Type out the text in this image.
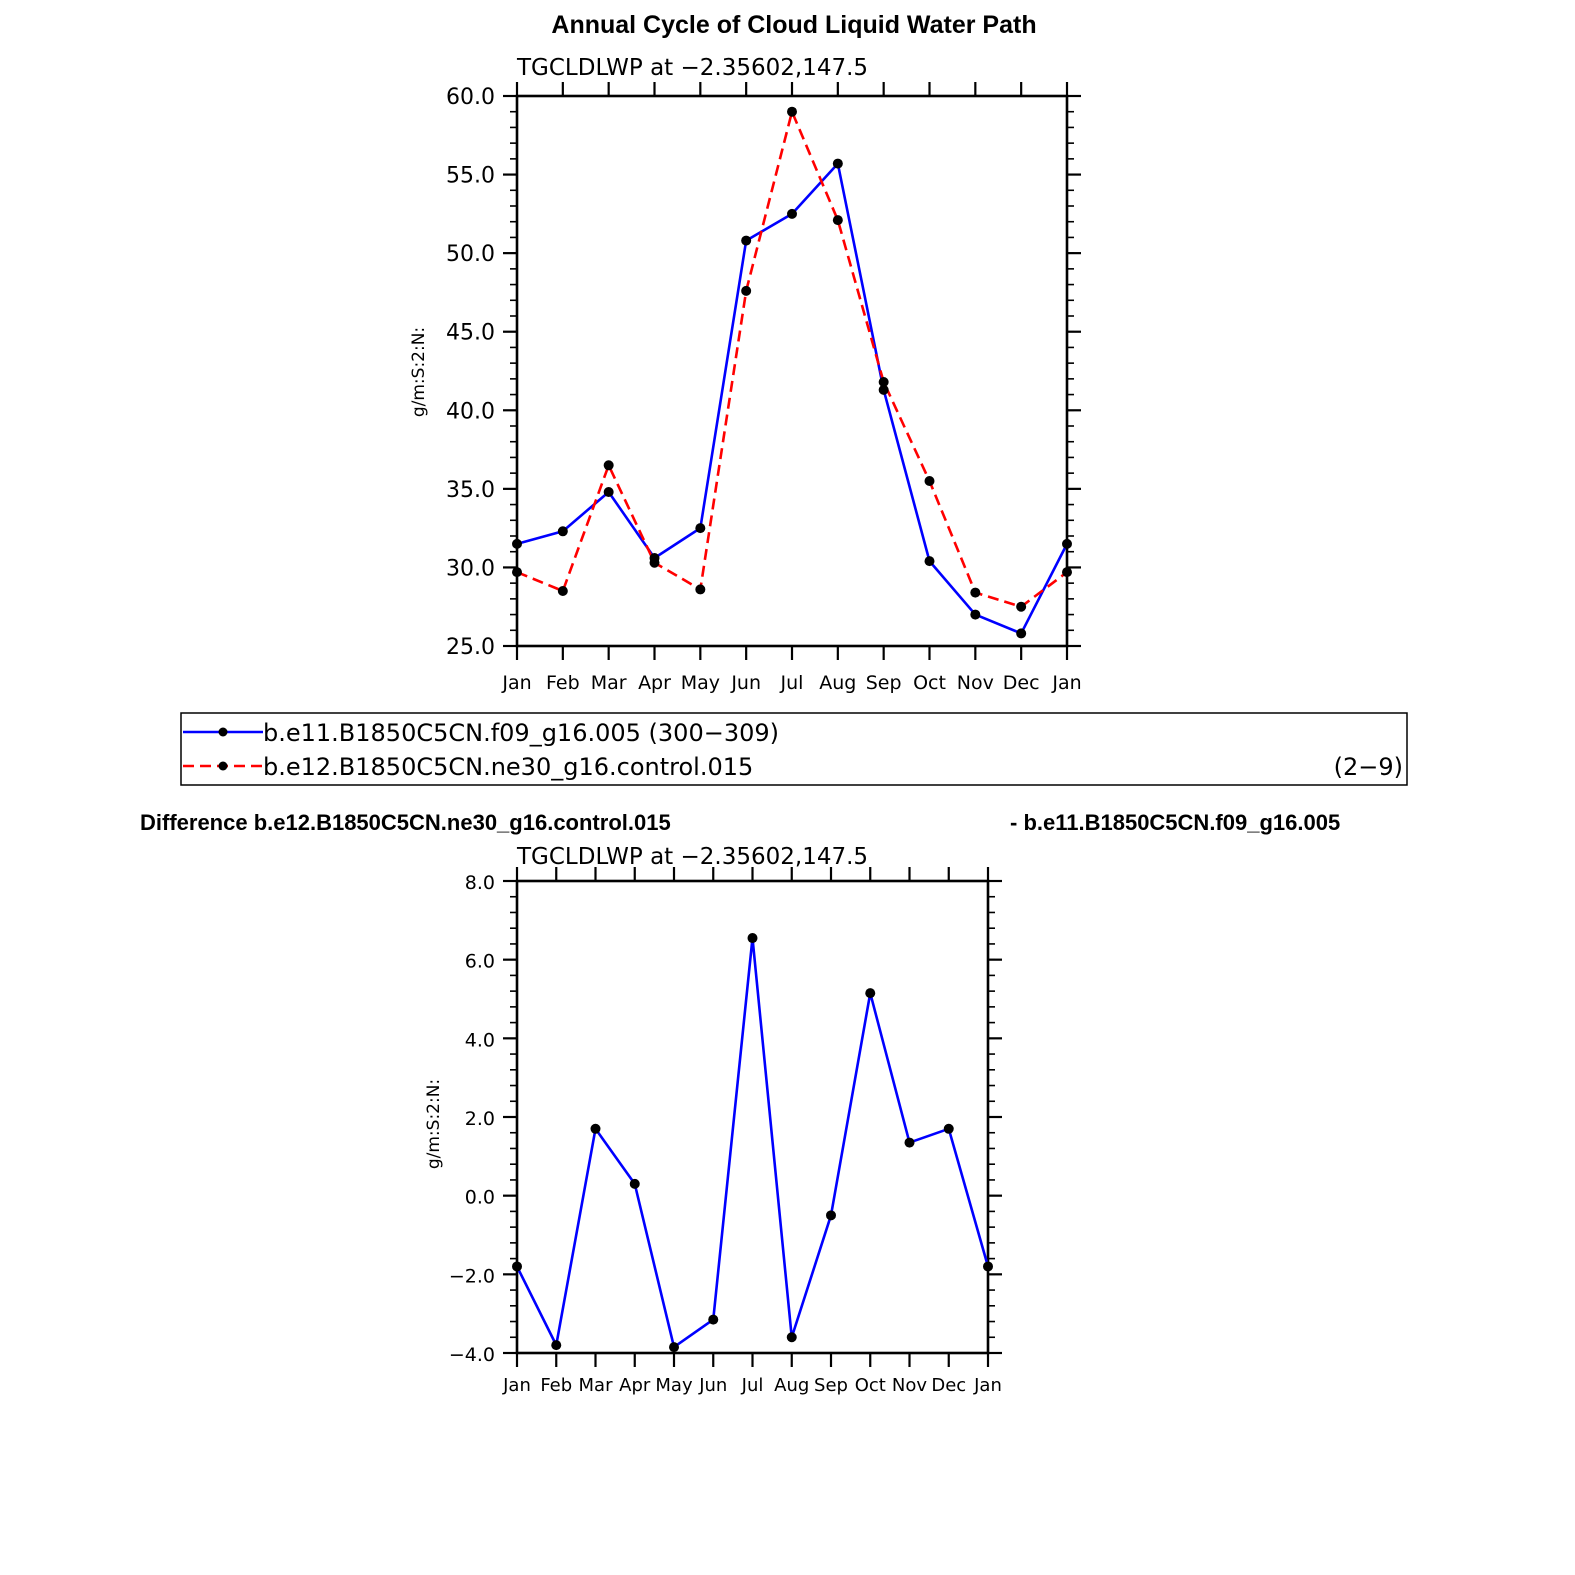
Annual Cycle of Cloud Liquid Water Path
TGCLDLWP at −2.35602,147.5
g/m:S:2:N:
25.0
30.0
35.0
40.0
45.0
50.0
55.0
60.0
Jan Feb Mar Apr May Jun Jul Aug Sep Oct Nov Dec Jan
b.e11.B1850C5CN.f09_g16.005 (300−309)
b.e12.B1850C5CN.ne30_g16.control.015	(2−9)
Difference b.e12.B1850C5CN.ne30_g16.control.015	- b.e11.B1850C5CN.f09_g16.005
TGCLDLWP at −2.35602,147.5
g/m:S:2:N:
−4.0
−2.0
0.0
2.0
4.0
6.0
8.0
Jan Feb Mar Apr May Jun Jul Aug Sep Oct Nov Dec Jan
